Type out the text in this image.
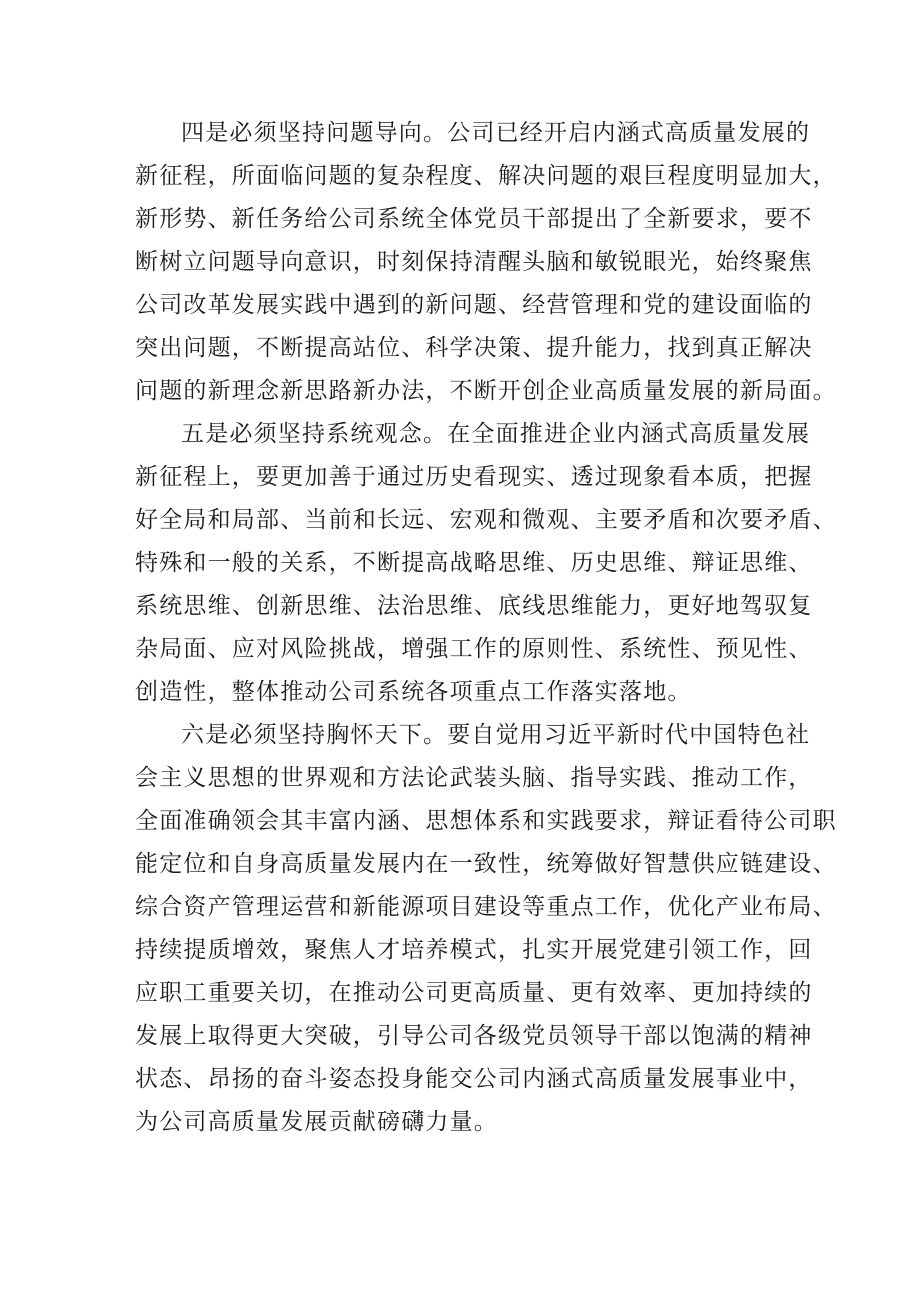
四是必须坚持问题导向。公司已经开启内涵式高质量发展的
新征程，所面临问题的复杂程度、解决问题的艰巨程度明显加大，
新形势、新任务给公司系统全体党员干部提出了全新要求，要不
断树立问题导向意识，时刻保持清醒头脑和敏锐眼光，始终聚焦
公司改革发展实践中遇到的新问题、经营管理和党的建设面临的
突出问题，不断提高站位、科学决策、提升能力，找到真正解决
问题的新理念新思路新办法，不断开创企业高质量发展的新局面。
五是必须坚持系统观念。在全面推进企业内涵式高质量发展
新征程上，要更加善于通过历史看现实、透过现象看本质，把握
好全局和局部、当前和长远、宏观和微观、主要矛盾和次要矛盾、
特殊和一般的关系，不断提高战略思维、历史思维、辩证思维、
系统思维、创新思维、法治思维、底线思维能力，更好地驾驭复
杂局面、应对风险挑战，增强工作的原则性、系统性、预见性、
创造性，整体推动公司系统各项重点工作落实落地。
六是必须坚持胸怀天下。要自觉用习近平新时代中国特色社
会主义思想的世界观和方法论武装头脑、指导实践、推动工作，
全面准确领会其丰富内涵、思想体系和实践要求，辩证看待公司职
能定位和自身高质量发展内在一致性，统筹做好智慧供应链建设、
综合资产管理运营和新能源项目建设等重点工作，优化产业布局、
持续提质增效，聚焦人才培养模式，扎实开展党建引领工作，回
应职工重要关切，在推动公司更高质量、更有效率、更加持续的
发展上取得更大突破，引导公司各级党员领导干部以饱满的精神
状态、昂扬的奋斗姿态投身能交公司内涵式高质量发展事业中，
为公司高质量发展贡献磅礴力量。
